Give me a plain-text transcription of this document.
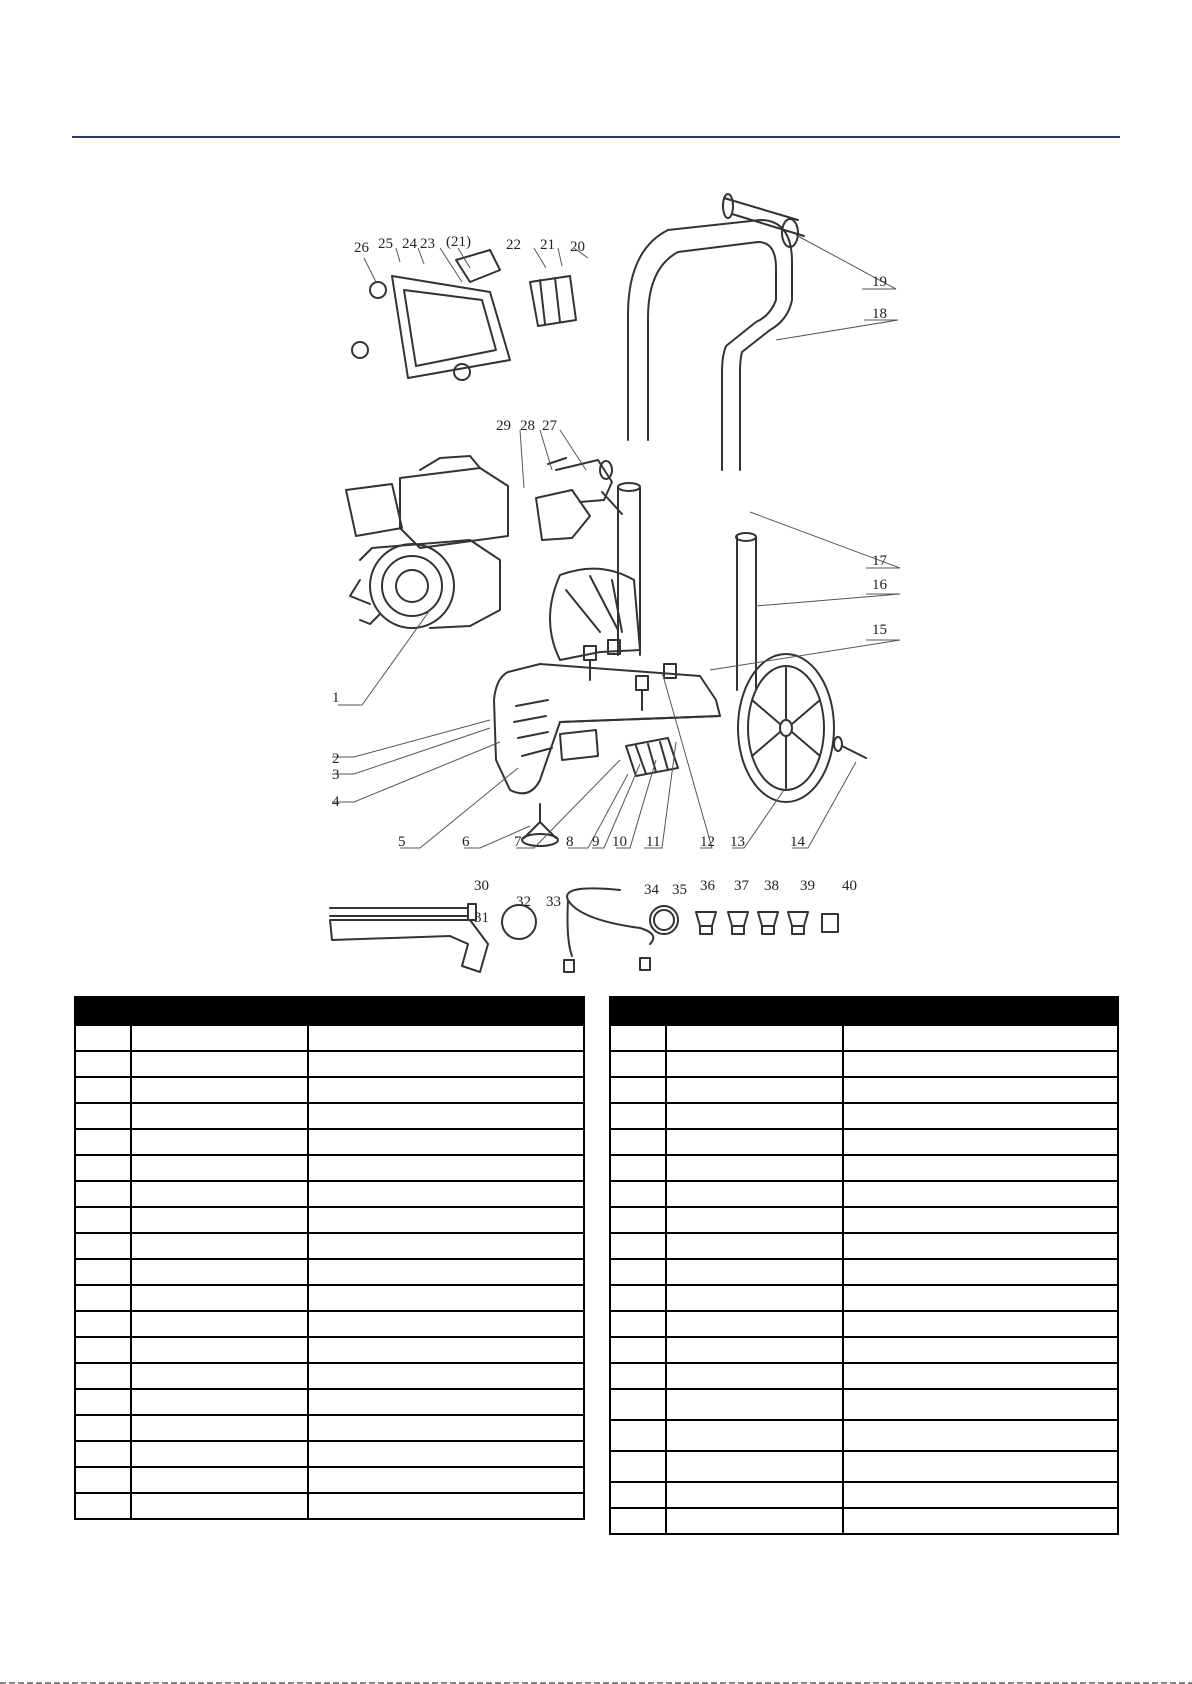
1
2
3
4
5	6	7	8 9 10 11	12 13	14
15
16
17
18
19
20
21
(21) 22
23
24
25
26
27
28
29
30
31
32 33
34 35 36 37 38 39 40
